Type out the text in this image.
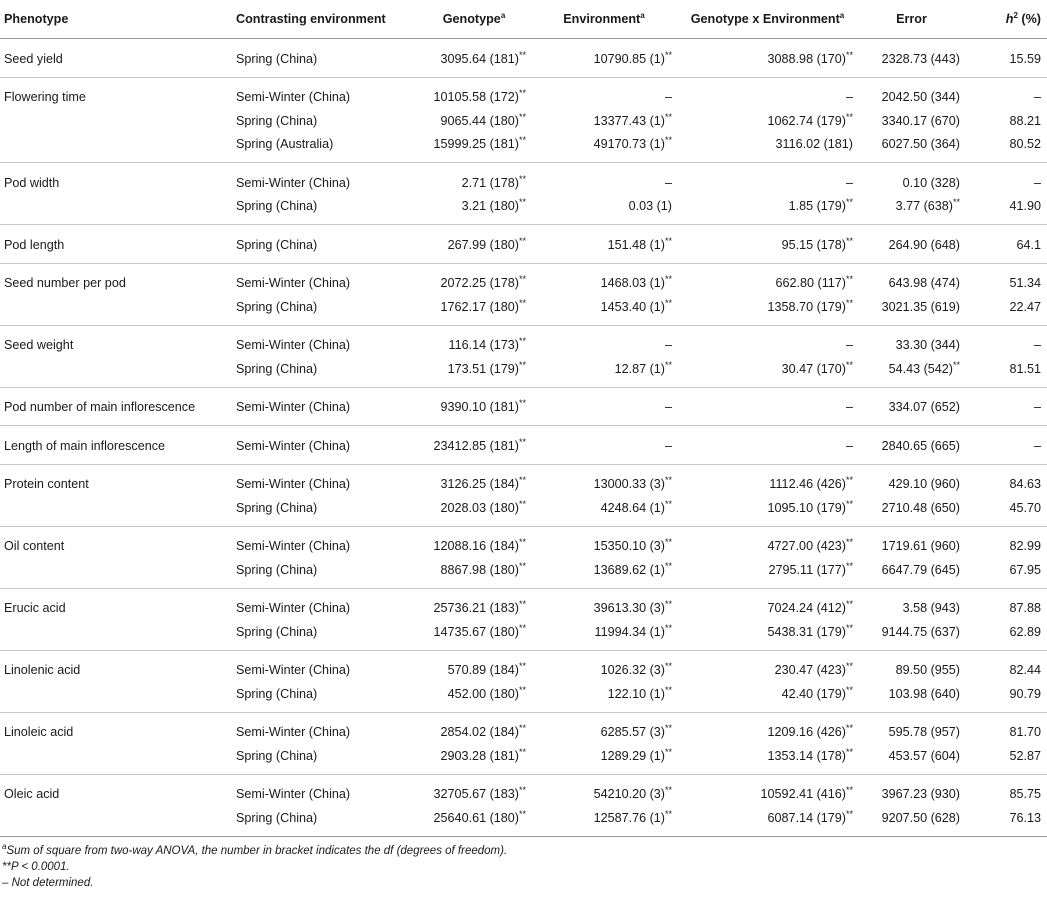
Phenotype	Contrasting environment	Genotype$^a$	Environment$^a$	Genotype x Environment$^a$	Error	$h^2$ (%)
Seed yield	Spring (China)	3095.64 (181)**	10790.85 (1)**	3088.98 (170)**	2328.73 (443)	15.59
Flowering time	Semi-Winter (China)	10105.58 (172)**	–	–	2042.50 (344)	–
	Spring (China)	9065.44 (180)**	13377.43 (1)**	1062.74 (179)**	3340.17 (670)	88.21
	Spring (Australia)	15999.25 (181)**	49170.73 (1)**	3116.02 (181)	6027.50 (364)	80.52
Pod width	Semi-Winter (China)	2.71 (178)**	–	–	0.10 (328)	–
	Spring (China)	3.21 (180)**	0.03 (1)	1.85 (179)**	3.77 (638)**	41.90
Pod length	Spring (China)	267.99 (180)**	151.48 (1)**	95.15 (178)**	264.90 (648)	64.1
Seed number per pod	Semi-Winter (China)	2072.25 (178)**	1468.03 (1)**	662.80 (117)**	643.98 (474)	51.34
	Spring (China)	1762.17 (180)**	1453.40 (1)**	1358.70 (179)**	3021.35 (619)	22.47
Seed weight	Semi-Winter (China)	116.14 (173)**	–	–	33.30 (344)	–
	Spring (China)	173.51 (179)**	12.87 (1)**	30.47 (170)**	54.43 (542)**	81.51
Pod number of main inflorescence	Semi-Winter (China)	9390.10 (181)**	–	–	334.07 (652)	–
Length of main inflorescence	Semi-Winter (China)	23412.85 (181)**	–	–	2840.65 (665)	–
Protein content	Semi-Winter (China)	3126.25 (184)**	13000.33 (3)**	1112.46 (426)**	429.10 (960)	84.63
	Spring (China)	2028.03 (180)**	4248.64 (1)**	1095.10 (179)**	2710.48 (650)	45.70
Oil content	Semi-Winter (China)	12088.16 (184)**	15350.10 (3)**	4727.00 (423)**	1719.61 (960)	82.99
	Spring (China)	8867.98 (180)**	13689.62 (1)**	2795.11 (177)**	6647.79 (645)	67.95
Erucic acid	Semi-Winter (China)	25736.21 (183)**	39613.30 (3)**	7024.24 (412)**	3.58 (943)	87.88
	Spring (China)	14735.67 (180)**	11994.34 (1)**	5438.31 (179)**	9144.75 (637)	62.89
Linolenic acid	Semi-Winter (China)	570.89 (184)**	1026.32 (3)**	230.47 (423)**	89.50 (955)	82.44
	Spring (China)	452.00 (180)**	122.10 (1)**	42.40 (179)**	103.98 (640)	90.79
Linoleic acid	Semi-Winter (China)	2854.02 (184)**	6285.57 (3)**	1209.16 (426)**	595.78 (957)	81.70
	Spring (China)	2903.28 (181)**	1289.29 (1)**	1353.14 (178)**	453.57 (604)	52.87
Oleic acid	Semi-Winter (China)	32705.67 (183)**	54210.20 (3)**	10592.41 (416)**	3967.23 (930)	85.75
	Spring (China)	25640.61 (180)**	12587.76 (1)**	6087.14 (179)**	9207.50 (628)	76.13

$^a$Sum of square from two-way ANOVA, the number in bracket indicates the df (degrees of freedom).

**P < 0.0001.

– Not determined.
